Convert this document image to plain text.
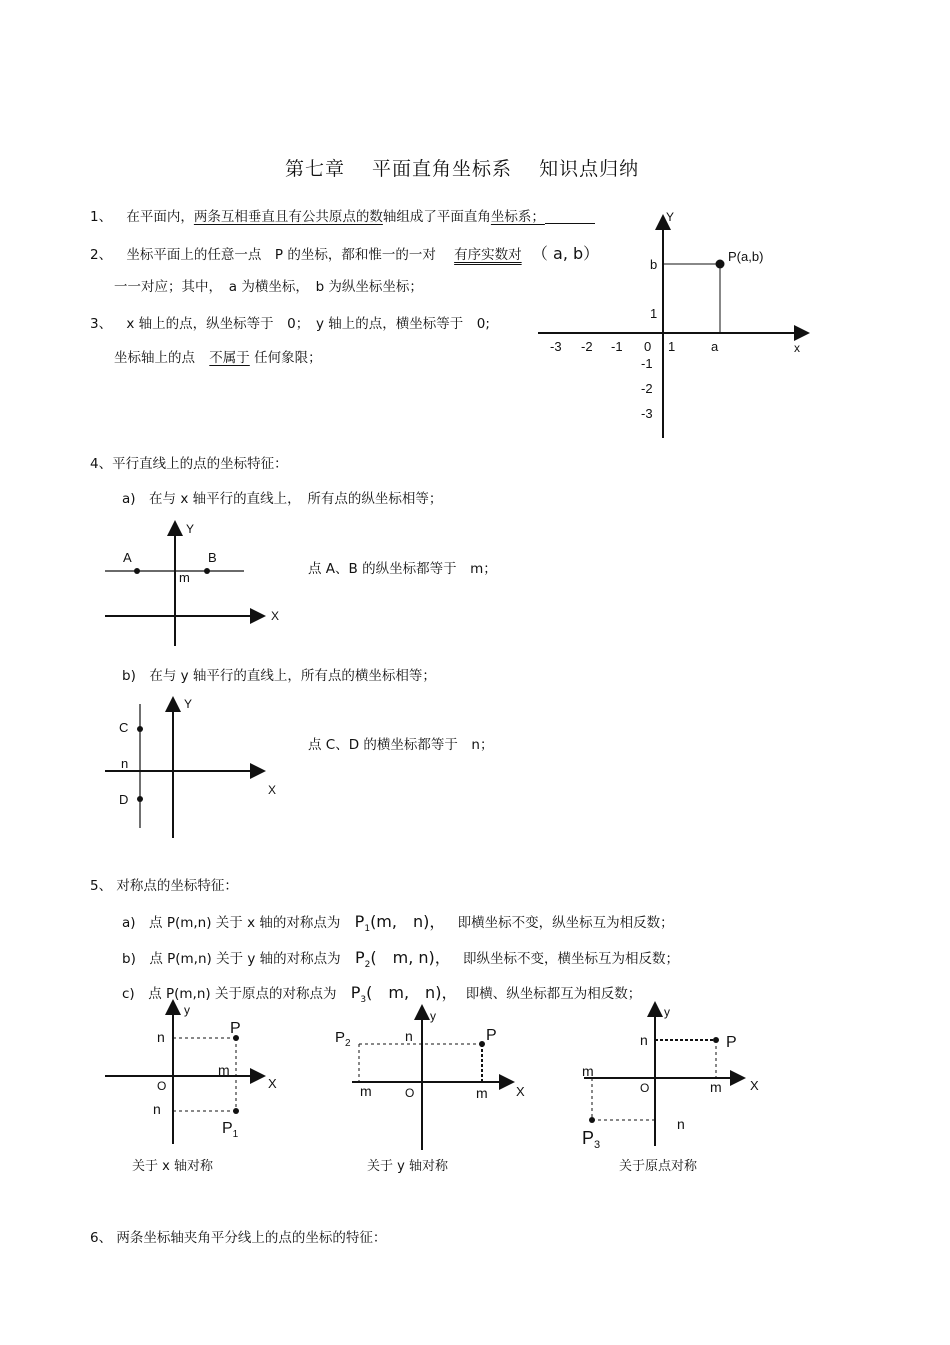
第七章　 平面直角坐标系　 知识点归纳
1、 在平面内，两条互相垂直且有公共原点的数轴组成了平面直角坐标系；
2、 坐标平面上的任意一点　P 的坐标，都和惟一的一对 有序实数对 （ a, b）
一一对应；其中，　a 为横坐标，　b 为纵坐标坐标；
3、 x 轴上的点，纵坐标等于　0；　y 轴上的点，横坐标等于　0;
坐标轴上的点 不属于 任何象限；
Y
x
0
P(a,b)
b
1
1	a
-3 -2 -1
-1
-2
-3
4、平行直线上的点的坐标特征：
a)　在与 x 轴平行的直线上，　所有点的纵坐标相等；
点 A、B 的纵坐标都等于　m；
b)　在与 y 轴平行的直线上，所有点的横坐标相等；
点 C、D 的横坐标都等于　n；
Y
X
A	B
m
Y
X
C
D
n
5、 对称点的坐标特征：
a)　点 P(m,n) 关于 x 轴的对称点为 $P_1(m$,　n)， 即横坐标不变，纵坐标互为相反数；
b)　点 P(m,n) 关于 y 轴的对称点为 $P_2$(　m, n)， 即纵坐标不变，横坐标互为相反数；
c)　点 P(m,n) 关于原点的对称点为 $P_3$(　m,　n)， 即横、纵坐标都互为相反数；
y
X
O
n
n
m
P
$P_1$
y
X
O
n
m	m
P
$P_2$
y
X
O
n
n
m
m
P
$P_3$
关于 x 轴对称	关于 y 轴对称	关于原点对称
6、 两条坐标轴夹角平分线上的点的坐标的特征：
